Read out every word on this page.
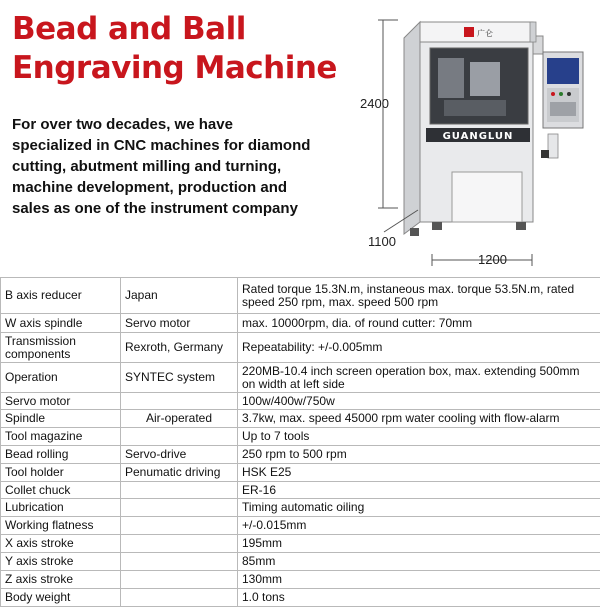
Bead and Ball
Engraving Machine
For over two decades, we have specialized in CNC machines for diamond cutting, abutment milling and turning, machine development, production and sales as one of the instrument company
2400
广仑
GUANGLUN
1200
1100
B axis reducer	Japan	Rated torque 15.3N.m, instaneous max. torque 53.5N.m, rated speed 250 rpm, max. speed 500 rpm
W axis spindle	Servo motor	max. 10000rpm, dia. of round cutter: 70mm
Transmission components	Rexroth, Germany	Repeatability: +/-0.005mm
Operation	SYNTEC system	220MB-10.4 inch screen operation box, max. extending 500mm on width at left side
Servo motor		100w/400w/750w
Spindle	Air-operated	3.7kw, max. speed 45000 rpm water cooling with flow-alarm
Tool magazine		Up to 7 tools
Bead rolling	Servo-drive	250 rpm to 500 rpm
Tool holder	Penumatic driving	HSK E25
Collet chuck		ER-16
Lubrication		Timing automatic oiling
Working flatness		+/-0.015mm
X axis stroke		195mm
Y axis stroke		85mm
Z axis stroke		130mm
Body weight		1.0 tons
